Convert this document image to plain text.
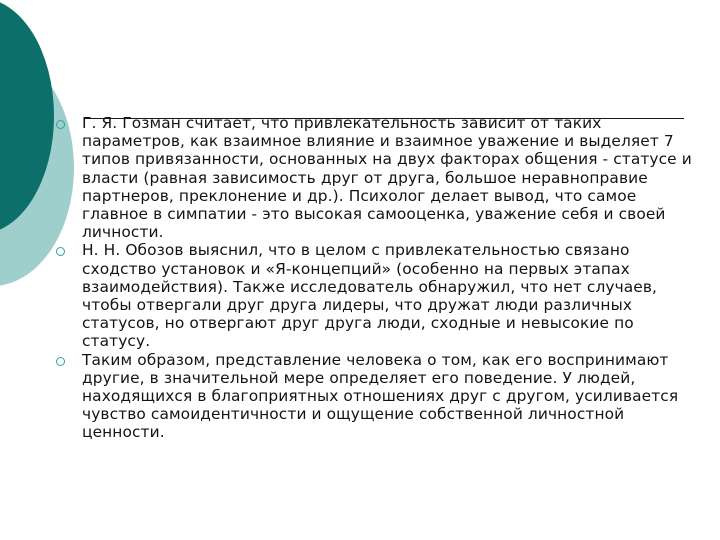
Г. Я. Гозман считает, что привлекательность зависит от таких параметров, как взаимное влияние и взаимное уважение и выделяет 7 типов привязанности, основанных на двух факторах общения - статусе и власти (равная зависимость друг от друга, большое неравноправие партнеров, преклонение и др.). Психолог делает вывод, что самое главное в симпатии - это высокая самооценка, уважение себя и своей личности.
Н. Н. Обозов выяснил, что в целом с привлекательностью связано сходство установок и «Я-концепций» (особенно на первых этапах взаимодействия). Также исследователь обнаружил, что нет случаев, чтобы отвергали друг друга лидеры, что дружат люди различных статусов, но отвергают друг друга люди, сходные и невысокие по статусу.
Таким образом, представление человека о том, как его воспринимают другие, в значительной мере определяет его поведение. У людей, находящихся в благоприятных отношениях друг с другом, усиливается чувство самоидентичности и ощущение собственной личностной ценности.
